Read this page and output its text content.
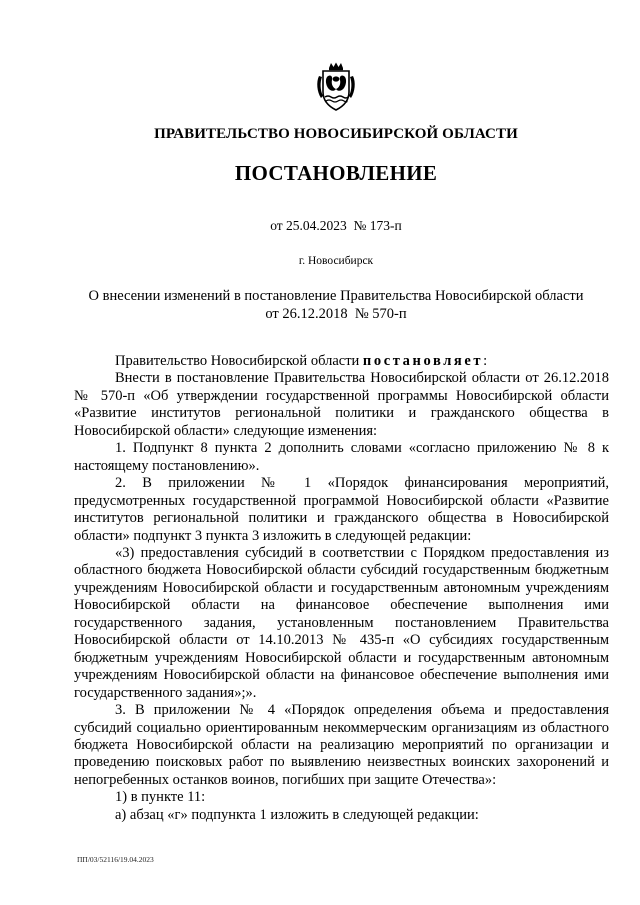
ПРАВИТЕЛЬСТВО НОВОСИБИРСКОЙ ОБЛАСТИ
ПОСТАНОВЛЕНИЕ
от 25.04.2023  № 173-п
г. Новосибирск
О внесении изменений в постановление Правительства Новосибирской области
от 26.12.2018  № 570-п

Правительство Новосибирской области постановляет:

Внести в постановление Правительства Новосибирской области от 26.12.2018 № 570-п «Об утверждении государственной программы Новосибирской области «Развитие институтов региональной политики и гражданского общества в Новосибирской области» следующие изменения:

1. Подпункт 8 пункта 2 дополнить словами «согласно приложению № 8 к настоящему постановлению».

2. В приложении № 1 «Порядок финансирования мероприятий, предусмотренных государственной программой Новосибирской области «Развитие институтов региональной политики и гражданского общества в Новосибирской области» подпункт 3 пункта 3 изложить в следующей редакции:

«3) предоставления субсидий в соответствии с Порядком предоставления из областного бюджета Новосибирской области субсидий государственным бюджетным учреждениям Новосибирской области и государственным автономным учреждениям Новосибирской области на финансовое обеспечение выполнения ими государственного задания, установленным постановлением Правительства Новосибирской области от 14.10.2013 № 435-п «О субсидиях государственным бюджетным учреждениям Новосибирской области и государственным автономным учреждениям Новосибирской области на финансовое обеспечение выполнения ими государственного задания»;».

3. В приложении № 4 «Порядок определения объема и предоставления субсидий социально ориентированным некоммерческим организациям из областного бюджета Новосибирской области на реализацию мероприятий по организации и проведению поисковых работ по выявлению неизвестных воинских захоронений и непогребенных останков воинов, погибших при защите Отечества»:

1) в пункте 11:

а) абзац «г» подпункта 1 изложить в следующей редакции:

ПП/03/52116/19.04.2023
